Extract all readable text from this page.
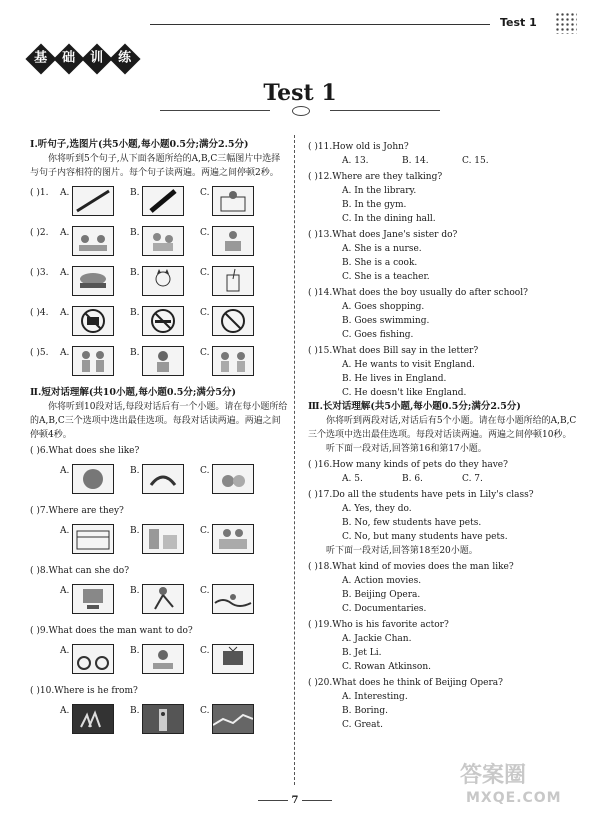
Test 1
基	础	训	练
Test 1
Ⅰ.听句子,选图片(共5小题,每小题0.5分;满分2.5分)
你将听到5个句子,从下面各题所给的A,B,C三幅图片中选择与句子内容相符的图片。每个句子读两遍。两遍之间停顿2秒。
( )1.	A.	B.	C.
( )2.	A.	B.	C.
( )3.	A.	B.	C.
( )4.	A.	B.	C.
( )5.	A.	B.	C.
Ⅱ.短对话理解(共10小题,每小题0.5分;满分5分)
你将听到10段对话,每段对话后有一个小题。请在每小题所给的A,B,C三个选项中选出最佳选项。每段对话读两遍。两遍之间停顿4秒。
( )6.What does she like?
A.	B.	C.
( )7.Where are they?
A.	B.	C.
( )8.What can she do?
A.	B.	C.
( )9.What does the man want to do?
A.	B.	C.
( )10.Where is he from?
A.	B.	C.
( )11.How old is John?
A. 13.	B. 14.	C. 15.
( )12.Where are they talking?
A. In the library.
B. In the gym.
C. In the dining hall.
( )13.What does Jane's sister do?
A. She is a nurse.
B. She is a cook.
C. She is a teacher.
( )14.What does the boy usually do after school?
A. Goes shopping.
B. Goes swimming.
C. Goes fishing.
( )15.What does Bill say in the letter?
A. He wants to visit England.
B. He lives in England.
C. He doesn't like England.
Ⅲ.长对话理解(共5小题,每小题0.5分;满分2.5分)
你将听到两段对话,对话后有5个小题。请在每小题所给的A,B,C三个选项中选出最佳选项。每段对话读两遍。两遍之间停顿10秒。
听下面一段对话,回答第16和第17小题。
( )16.How many kinds of pets do they have?
A. 5.	B. 6.	C. 7.
( )17.Do all the students have pets in Lily's class?
A. Yes, they do.
B. No, few students have pets.
C. No, but many students have pets.
听下面一段对话,回答第18至20小题。
( )18.What kind of movies does the man like?
A. Action movies.
B. Beijing Opera.
C. Documentaries.
( )19.Who is his favorite actor?
A. Jackie Chan.
B. Jet Li.
C. Rowan Atkinson.
( )20.What does he think of Beijing Opera?
A. Interesting.
B. Boring.
C. Great.
7
答案圈
MXQE.COM
